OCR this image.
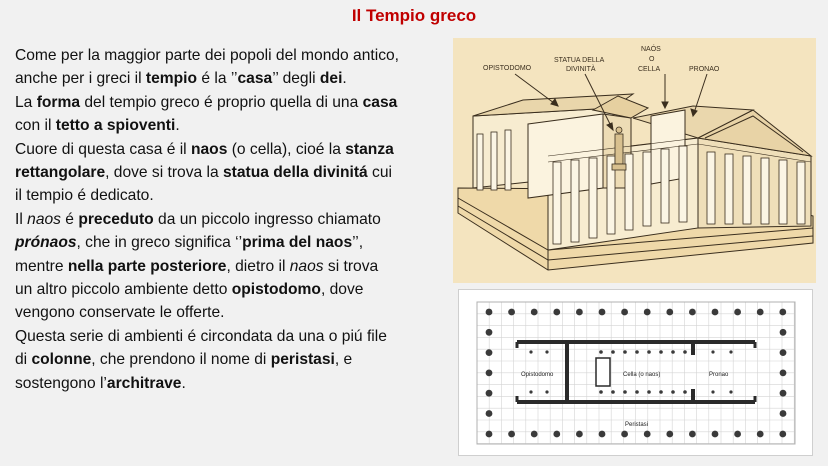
Il Tempio greco

Come per la maggior parte dei popoli del mondo antico,

anche per i greci il tempio é la ’’casa’’ degli dei.

La forma del tempio greco é proprio quella di una casa

con il tetto a spioventi.

Cuore di questa casa é il naos (o cella), cioé la stanza

rettangolare, dove si trova la statua della divinitá cui

il tempio é dedicato.

Il naos é preceduto da un piccolo ingresso chiamato

prónaos, che in greco significa ‘’prima del naos’’,

mentre nella parte posteriore, dietro il naos si trova

un altro piccolo ambiente detto opistodomo, dove

vengono conservate le offerte.

Questa serie di ambienti é circondata da una o piú file

di colonne, che prendono il nome di peristasi, e

sostengono l’architrave.

OPISTODOMO
STATUA DELLA
DIVINITÀ
NAÓS
O
CELLA	PRONAO
Opistodomo	Cella (o naos)	Pronao
Peristasi
